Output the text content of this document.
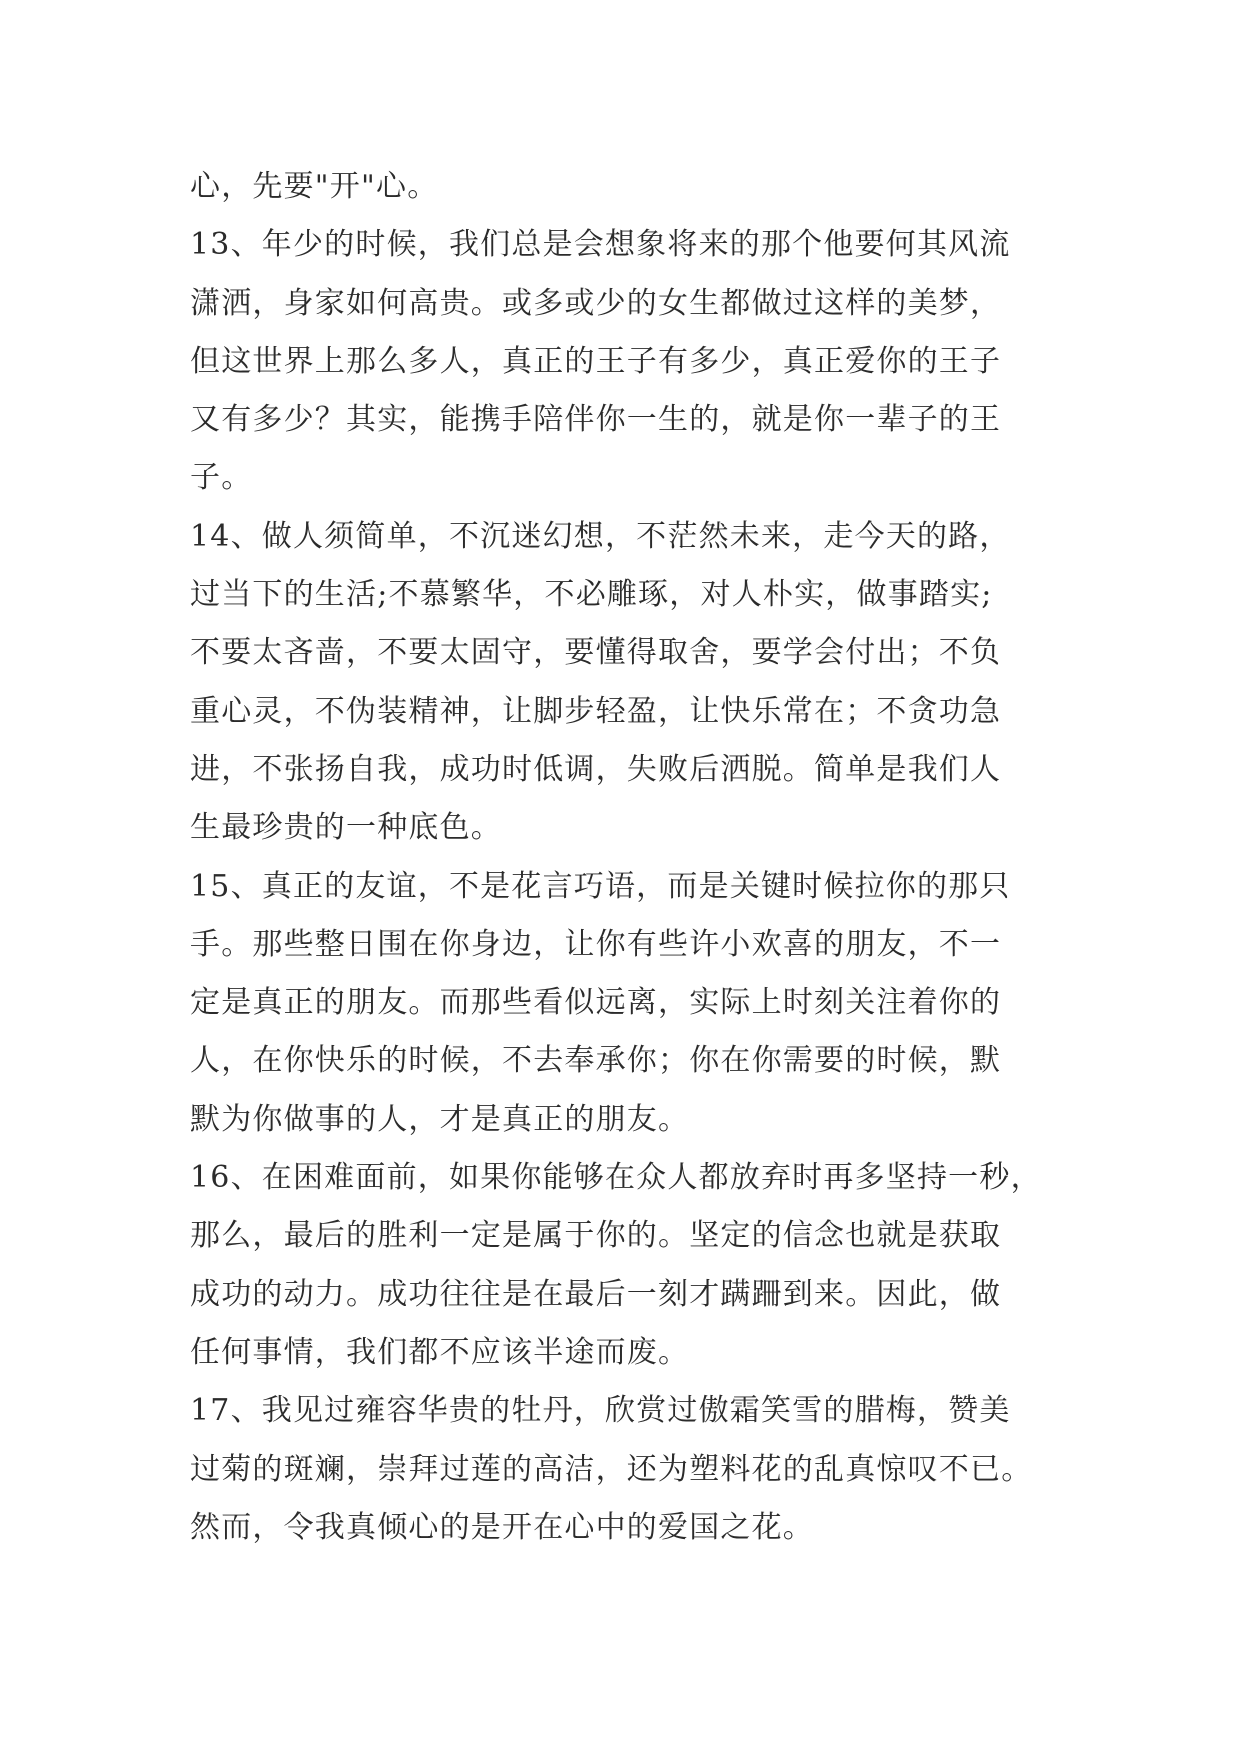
心，先要"开"心。
13、年少的时候，我们总是会想象将来的那个他要何其风流
潇洒，身家如何高贵。或多或少的女生都做过这样的美梦，
但这世界上那么多人，真正的王子有多少，真正爱你的王子
又有多少？其实，能携手陪伴你一生的，就是你一辈子的王
子。
14、做人须简单，不沉迷幻想，不茫然未来，走今天的路，
过当下的生活;不慕繁华，不必雕琢，对人朴实，做事踏实;
不要太吝啬，不要太固守，要懂得取舍，要学会付出；不负
重心灵，不伪装精神，让脚步轻盈，让快乐常在；不贪功急
进，不张扬自我，成功时低调，失败后洒脱。简单是我们人
生最珍贵的一种底色。
15、真正的友谊，不是花言巧语，而是关键时候拉你的那只
手。那些整日围在你身边，让你有些许小欢喜的朋友，不一
定是真正的朋友。而那些看似远离，实际上时刻关注着你的
人，在你快乐的时候，不去奉承你；你在你需要的时候，默
默为你做事的人，才是真正的朋友。
16、在困难面前，如果你能够在众人都放弃时再多坚持一秒，
那么，最后的胜利一定是属于你的。坚定的信念也就是获取
成功的动力。成功往往是在最后一刻才蹒跚到来。因此，做
任何事情，我们都不应该半途而废。
17、我见过雍容华贵的牡丹，欣赏过傲霜笑雪的腊梅，赞美
过菊的斑斓，崇拜过莲的高洁，还为塑料花的乱真惊叹不已。
然而，令我真倾心的是开在心中的爱国之花。
